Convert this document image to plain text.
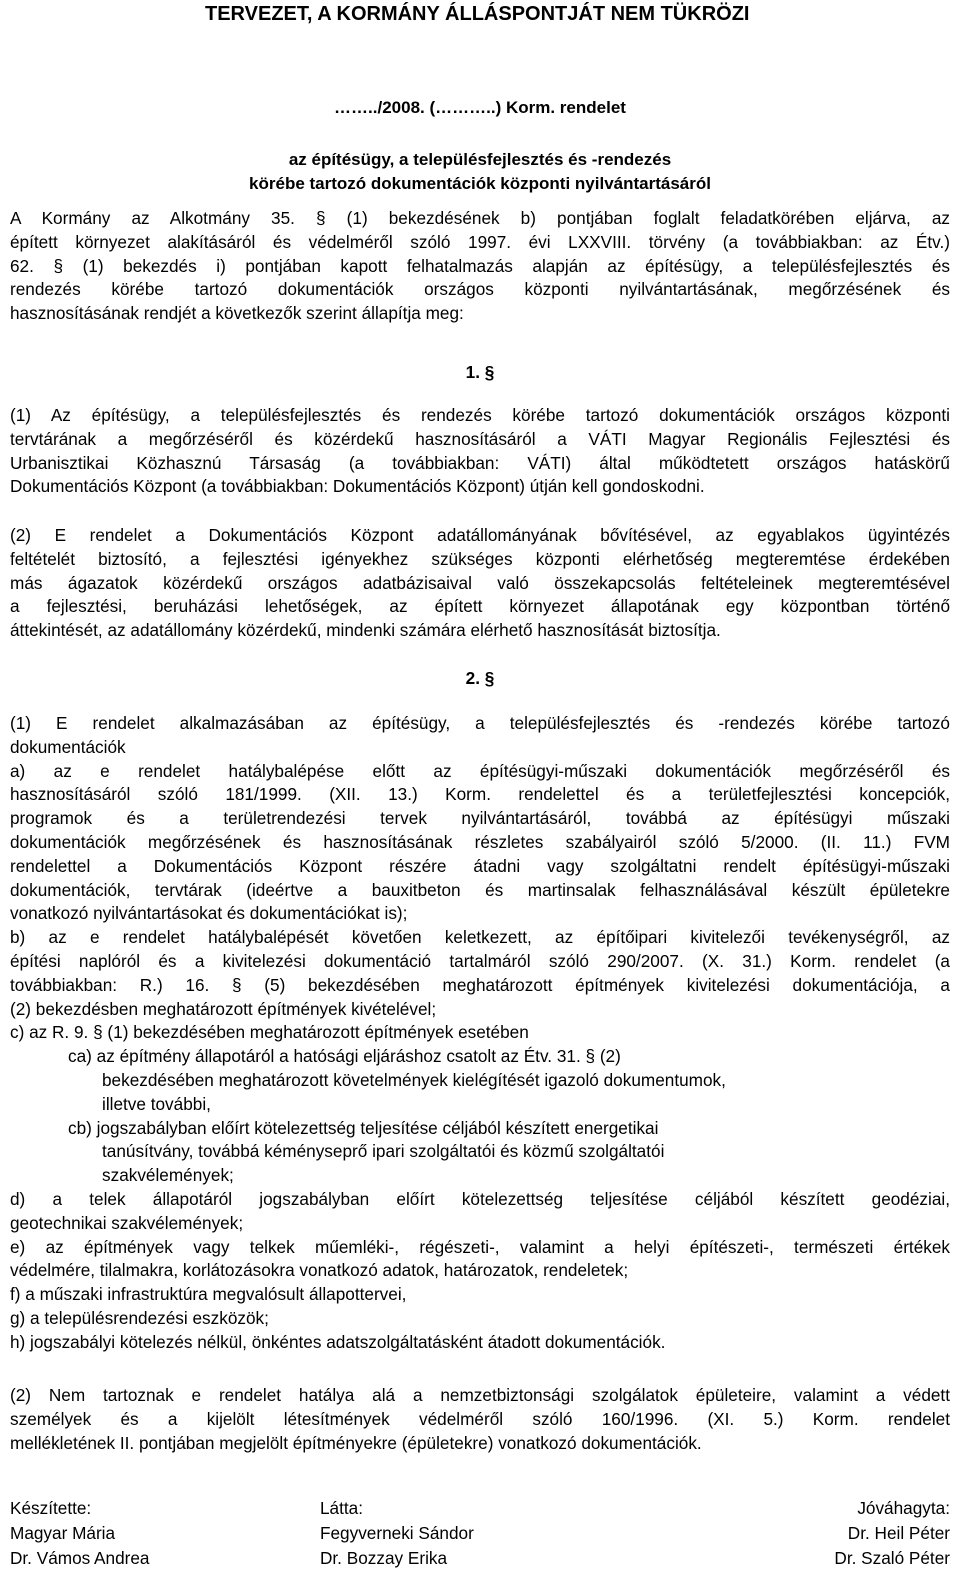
TERVEZET, A KORMÁNY ÁLLÁSPONTJÁT NEM TÜKRÖZI
……../2008. (………..) Korm. rendelet
az építésügy, a településfejlesztés és -rendezés
körébe tartozó dokumentációk központi nyilvántartásáról
A Kormány az Alkotmány 35. § (1) bekezdésének b) pontjában foglalt feladatkörében eljárva, az
épített környezet alakításáról és védelméről szóló 1997. évi LXXVIII. törvény (a továbbiakban: az Étv.)
62. § (1) bekezdés i) pontjában kapott felhatalmazás alapján az építésügy, a településfejlesztés és
rendezés körébe tartozó dokumentációk országos központi nyilvántartásának, megőrzésének és
hasznosításának rendjét a következők szerint állapítja meg:
1. §
(1) Az építésügy, a településfejlesztés és rendezés körébe tartozó dokumentációk országos központi
tervtárának a megőrzéséről és közérdekű hasznosításáról a VÁTI Magyar Regionális Fejlesztési és
Urbanisztikai Közhasznú Társaság (a továbbiakban: VÁTI) által működtetett országos hatáskörű
Dokumentációs Központ (a továbbiakban: Dokumentációs Központ) útján kell gondoskodni.
(2) E rendelet a Dokumentációs Központ adatállományának bővítésével, az egyablakos ügyintézés
feltételét biztosító, a fejlesztési igényekhez szükséges központi elérhetőség megteremtése érdekében
más ágazatok közérdekű országos adatbázisaival való összekapcsolás feltételeinek megteremtésével
a fejlesztési, beruházási lehetőségek, az épített környezet állapotának egy központban történő
áttekintését, az adatállomány közérdekű, mindenki számára elérhető hasznosítását biztosítja.
2. §
(1) E rendelet alkalmazásában az építésügy, a településfejlesztés és -rendezés körébe tartozó
dokumentációk
a) az e rendelet hatálybalépése előtt az építésügyi-műszaki dokumentációk megőrzéséről és
hasznosításáról szóló 181/1999. (XII. 13.) Korm. rendelettel és a területfejlesztési koncepciók,
programok és a területrendezési tervek nyilvántartásáról, továbbá az építésügyi műszaki
dokumentációk megőrzésének és hasznosításának részletes szabályairól szóló 5/2000. (II. 11.) FVM
rendelettel a Dokumentációs Központ részére átadni vagy szolgáltatni rendelt építésügyi-műszaki
dokumentációk, tervtárak (ideértve a bauxitbeton és martinsalak felhasználásával készült épületekre
vonatkozó nyilvántartásokat és dokumentációkat is);
b) az e rendelet hatálybalépését követően keletkezett, az építőipari kivitelezői tevékenységről, az
építési naplóról és a kivitelezési dokumentáció tartalmáról szóló 290/2007. (X. 31.) Korm. rendelet (a
továbbiakban: R.) 16. § (5) bekezdésében meghatározott építmények kivitelezési dokumentációja, a
(2) bekezdésben meghatározott építmények kivételével;
c) az R. 9. § (1) bekezdésében meghatározott építmények esetében
ca) az építmény állapotáról a hatósági eljáráshoz csatolt az Étv. 31. § (2)
bekezdésében meghatározott követelmények kielégítését igazoló dokumentumok,
illetve további,
cb) jogszabályban előírt kötelezettség teljesítése céljából készített energetikai
tanúsítvány, továbbá kéményseprő ipari szolgáltatói és közmű szolgáltatói
szakvélemények;
d) a telek állapotáról jogszabályban előírt kötelezettség teljesítése céljából készített geodéziai,
geotechnikai szakvélemények;
e) az építmények vagy telkek műemléki-, régészeti-, valamint a helyi építészeti-, természeti értékek
védelmére, tilalmakra, korlátozásokra vonatkozó adatok, határozatok, rendeletek;
f) a műszaki infrastruktúra megvalósult állapottervei,
g) a településrendezési eszközök;
h) jogszabályi kötelezés nélkül, önkéntes adatszolgáltatásként átadott dokumentációk.
(2) Nem tartoznak e rendelet hatálya alá a nemzetbiztonsági szolgálatok épületeire, valamint a védett
személyek és a kijelölt létesítmények védelméről szóló 160/1996. (XI. 5.) Korm. rendelet
mellékletének II. pontjában megjelölt építményekre (épületekre) vonatkozó dokumentációk.
Készítette:
Magyar Mária
Dr. Vámos Andrea
Látta:
Fegyverneki Sándor
Dr. Bozzay Erika
Jóváhagyta:
Dr. Heil Péter
Dr. Szaló Péter
